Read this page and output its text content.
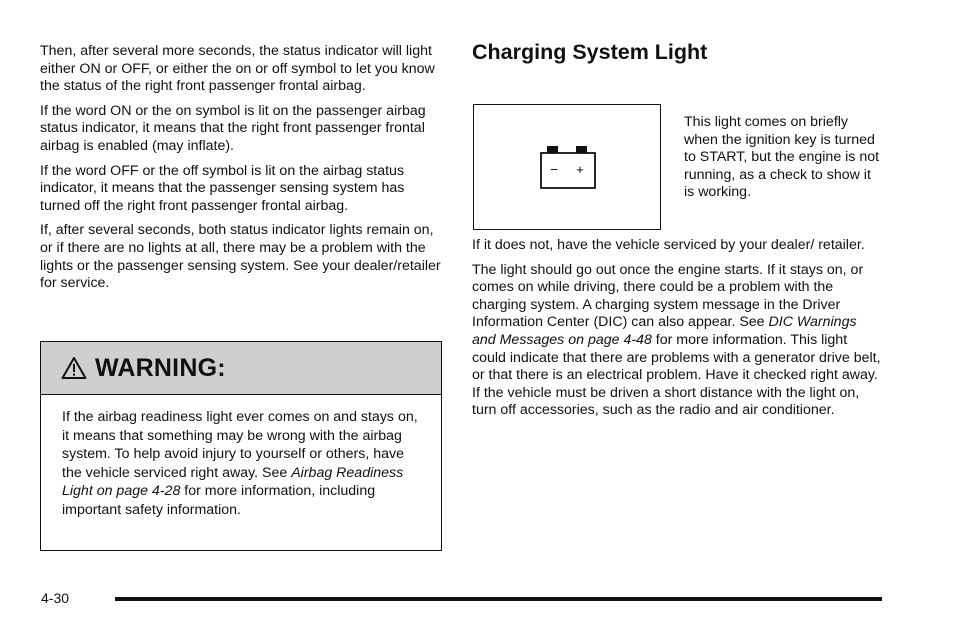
Then, after several more seconds, the status indicator will light either ON or OFF, or either the on or off symbol to let you know the status of the right front passenger frontal airbag.

If the word ON or the on symbol is lit on the passenger airbag status indicator, it means that the right front passenger frontal airbag is enabled (may inflate).

If the word OFF or the off symbol is lit on the airbag status indicator, it means that the passenger sensing system has turned off the right front passenger frontal airbag.

If, after several seconds, both status indicator lights remain on, or if there are no lights at all, there may be a problem with the lights or the passenger sensing system. See your dealer/retailer for service.

WARNING:
If the airbag readiness light ever comes on and stays on, it means that something may be wrong with the airbag system. To help avoid injury to yourself or others, have the vehicle serviced right away. See Airbag Readiness Light on page 4-28 for more information, including important safety information.
Charging System Light
− +
This light comes on briefly when the ignition key is turned to START, but the engine is not running, as a check to show it is working.

If it does not, have the vehicle serviced by your dealer/ retailer.

The light should go out once the engine starts. If it stays on, or comes on while driving, there could be a problem with the charging system. A charging system message in the Driver Information Center (DIC) can also appear. See DIC Warnings and Messages on page 4-48 for more information. This light could indicate that there are problems with a generator drive belt, or that there is an electrical problem. Have it checked right away. If the vehicle must be driven a short distance with the light on, turn off accessories, such as the radio and air conditioner.

4-30
